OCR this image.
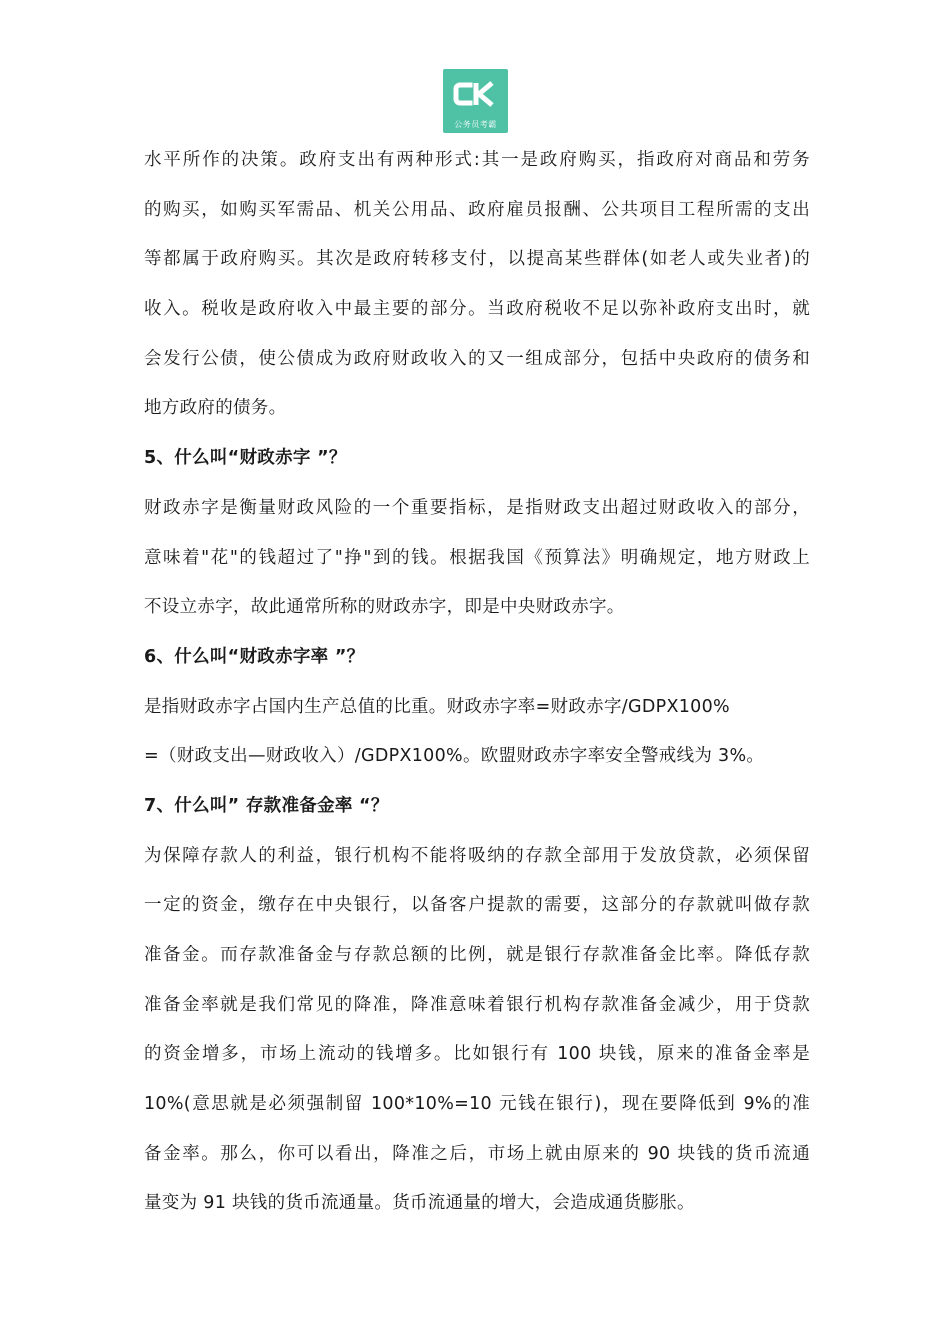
公务员考霸
水平所作的决策。政府支出有两种形式:其一是政府购买，指政府对商品和劳务
的购买，如购买军需品、机关公用品、政府雇员报酬、公共项目工程所需的支出
等都属于政府购买。其次是政府转移支付，以提高某些群体(如老人或失业者)的
收入。税收是政府收入中最主要的部分。当政府税收不足以弥补政府支出时，就
会发行公债，使公债成为政府财政收入的又一组成部分，包括中央政府的债务和
地方政府的债务。
5、什么叫“财政赤字 ”？
财政赤字是衡量财政风险的一个重要指标，是指财政支出超过财政收入的部分，
意味着"花"的钱超过了"挣"到的钱。根据我国《预算法》明确规定，地方财政上
不设立赤字，故此通常所称的财政赤字，即是中央财政赤字。
6、什么叫“财政赤字率 ”？
是指财政赤字占国内生产总值的比重。财政赤字率=财政赤字/GDPX100%
=（财政支出—财政收入）/GDPX100%。欧盟财政赤字率安全警戒线为 3%。
7、什么叫” 存款准备金率 “？
为保障存款人的利益，银行机构不能将吸纳的存款全部用于发放贷款，必须保留
一定的资金，缴存在中央银行，以备客户提款的需要，这部分的存款就叫做存款
准备金。而存款准备金与存款总额的比例，就是银行存款准备金比率。降低存款
准备金率就是我们常见的降准，降准意味着银行机构存款准备金减少，用于贷款
的资金增多，市场上流动的钱增多。比如银行有 100 块钱，原来的准备金率是
10%(意思就是必须强制留 100*10%=10 元钱在银行)，现在要降低到 9%的准
备金率。那么，你可以看出，降准之后，市场上就由原来的 90 块钱的货币流通
量变为 91 块钱的货币流通量。货币流通量的增大，会造成通货膨胀。
